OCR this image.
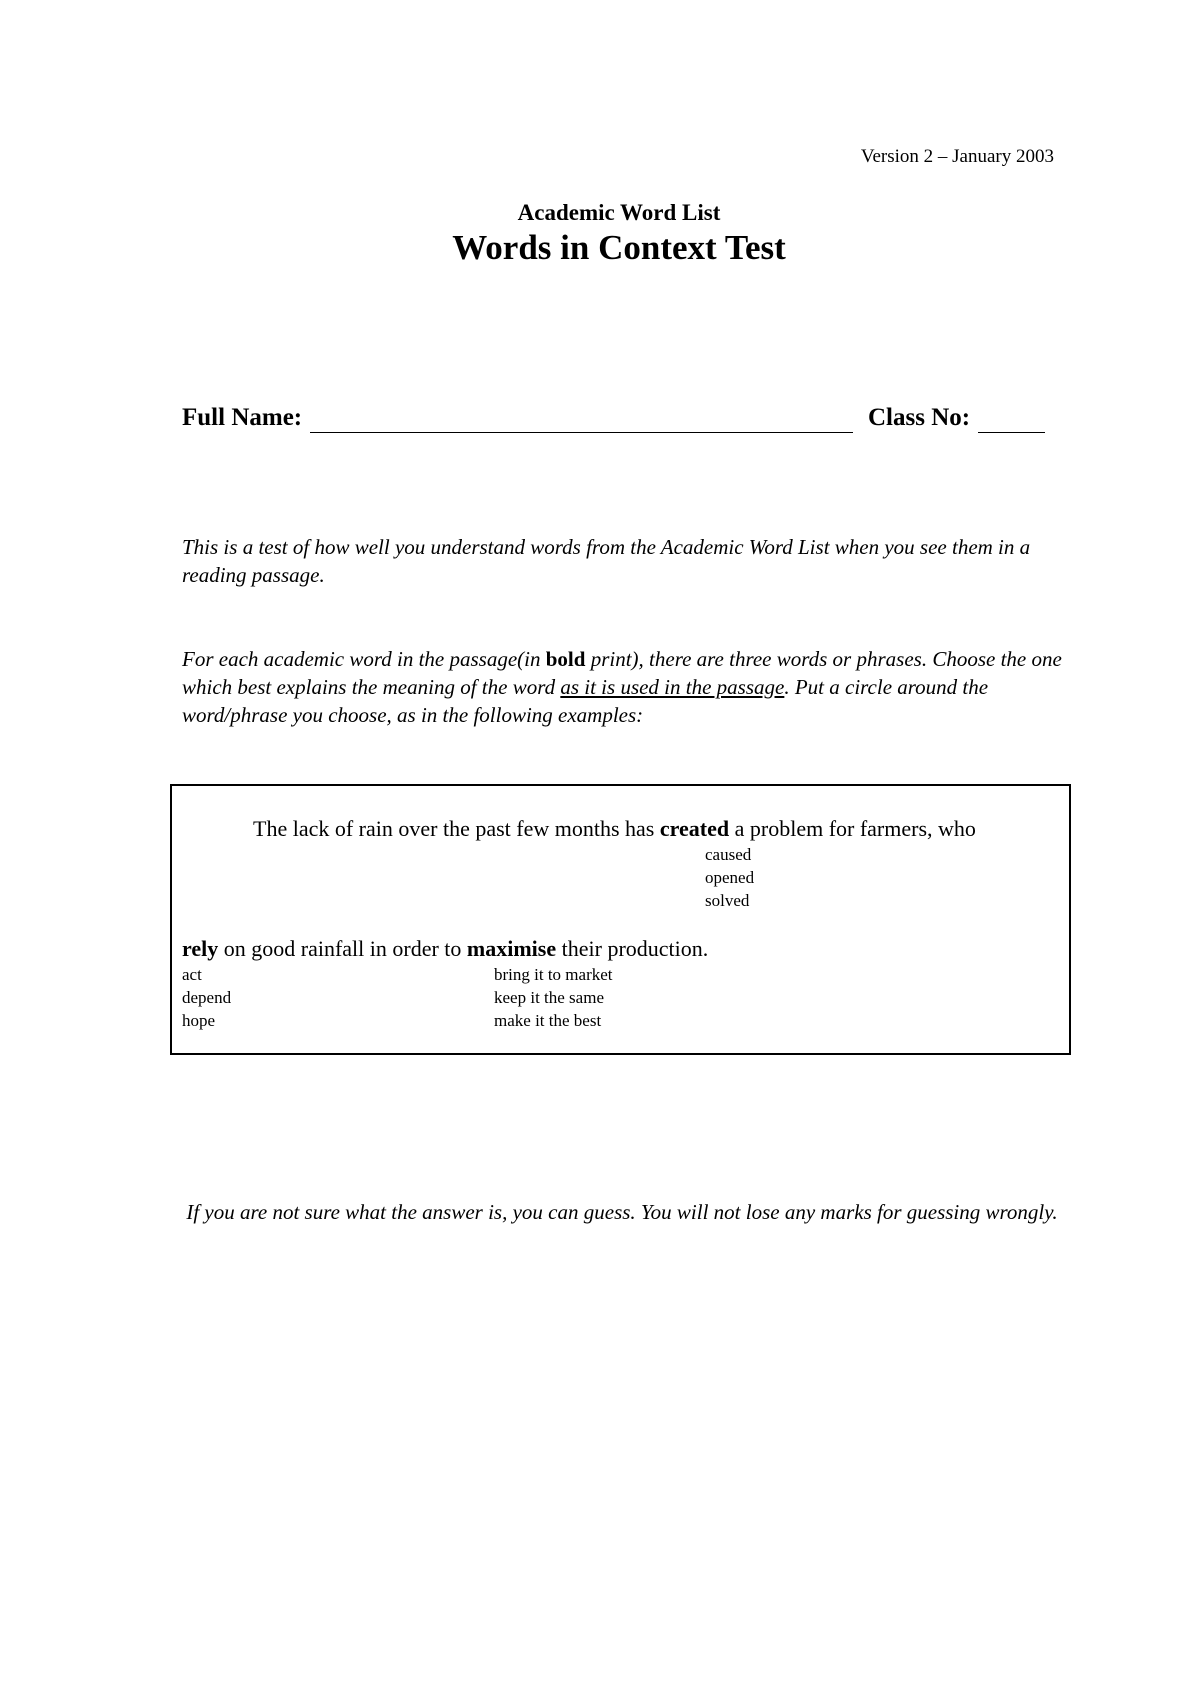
Version 2 – January 2003
Academic Word List
Words in Context Test
Full Name:	Class No:
This is a test of how well you understand words from the Academic Word List when you see them in a reading passage.
For each academic word in the passage(in bold print), there are three words or phrases. Choose the one which best explains the meaning of the word as it is used in the passage. Put a circle around the word/phrase you choose, as in the following examples:
The lack of rain over the past few months has created a problem for farmers, who
caused
opened
solved
rely on good rainfall in order to maximise their production.
act
depend
hope
bring it to market
keep it the same
make it the best
If you are not sure what the answer is, you can guess. You will not lose any marks for guessing wrongly.
